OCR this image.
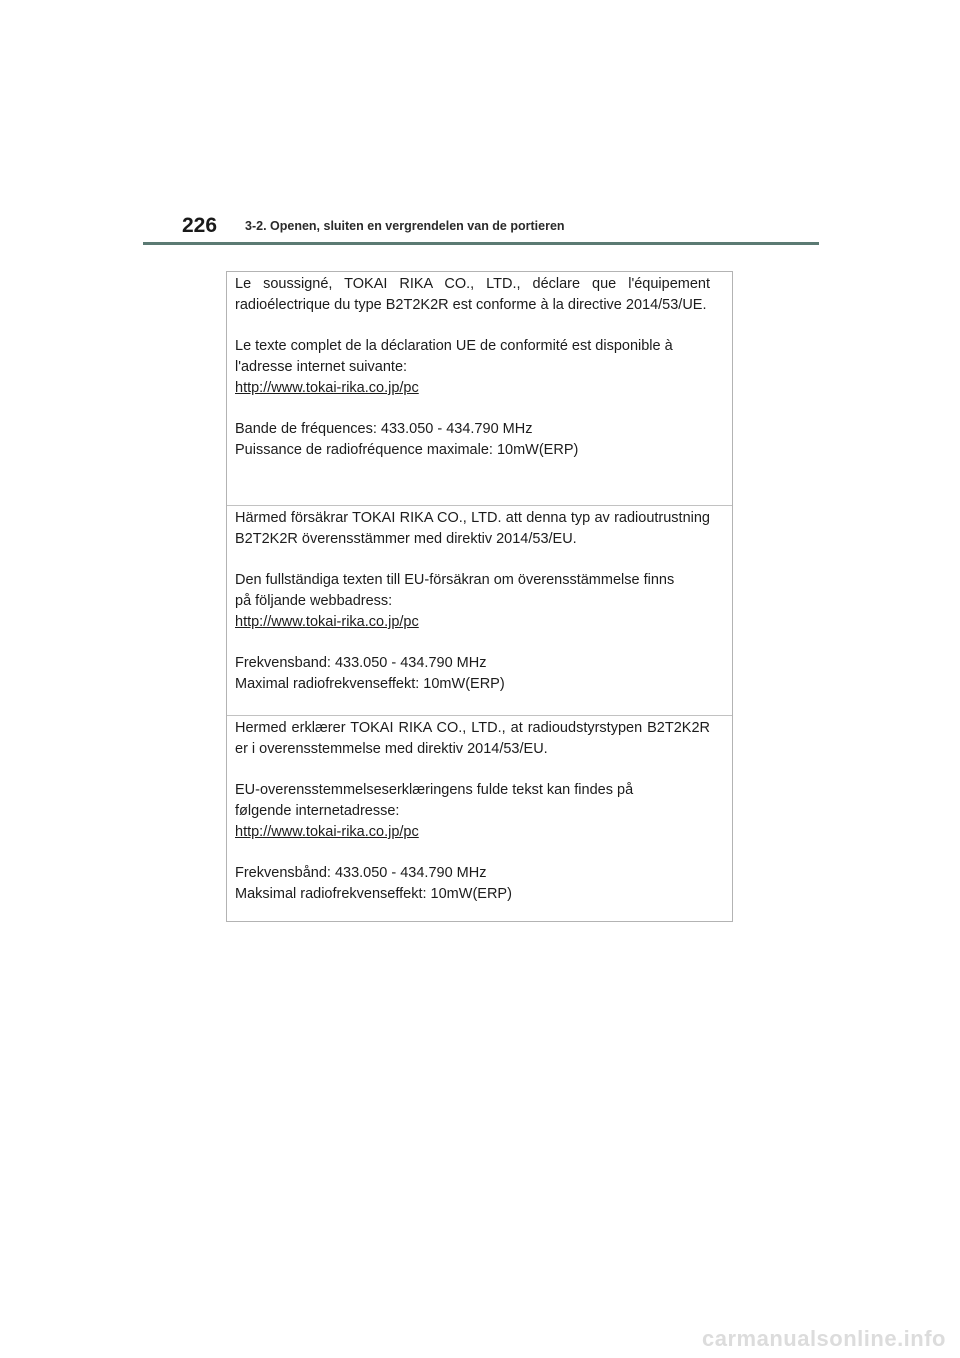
226 3-2. Openen, sluiten en vergrendelen van de portieren

Le soussigné, TOKAI RIKA CO., LTD., déclare que l'équipement radioélectrique du type B2T2K2R est conforme à la directive 2014/53/UE.

Le texte complet de la déclaration UE de conformité est disponible à

l'adresse internet suivante:

http://www.tokai-rika.co.jp/pc

Bande de fréquences: 433.050 - 434.790 MHz

Puissance de radiofréquence maximale: 10mW(ERP)

Härmed försäkrar TOKAI RIKA CO., LTD. att denna typ av radioutrustning B2T2K2R överensstämmer med direktiv 2014/53/EU.

Den fullständiga texten till EU-försäkran om överensstämmelse finns

på följande webbadress:

http://www.tokai-rika.co.jp/pc

Frekvensband: 433.050 - 434.790 MHz

Maximal radiofrekvenseffekt: 10mW(ERP)

Hermed erklærer TOKAI RIKA CO., LTD., at radioudstyrstypen B2T2K2R er i overensstemmelse med direktiv 2014/53/EU.

EU-overensstemmelseserklæringens fulde tekst kan findes på

følgende internetadresse:

http://www.tokai-rika.co.jp/pc

Frekvensbånd: 433.050 - 434.790 MHz

Maksimal radiofrekvenseffekt: 10mW(ERP)

carmanualsonline.info
